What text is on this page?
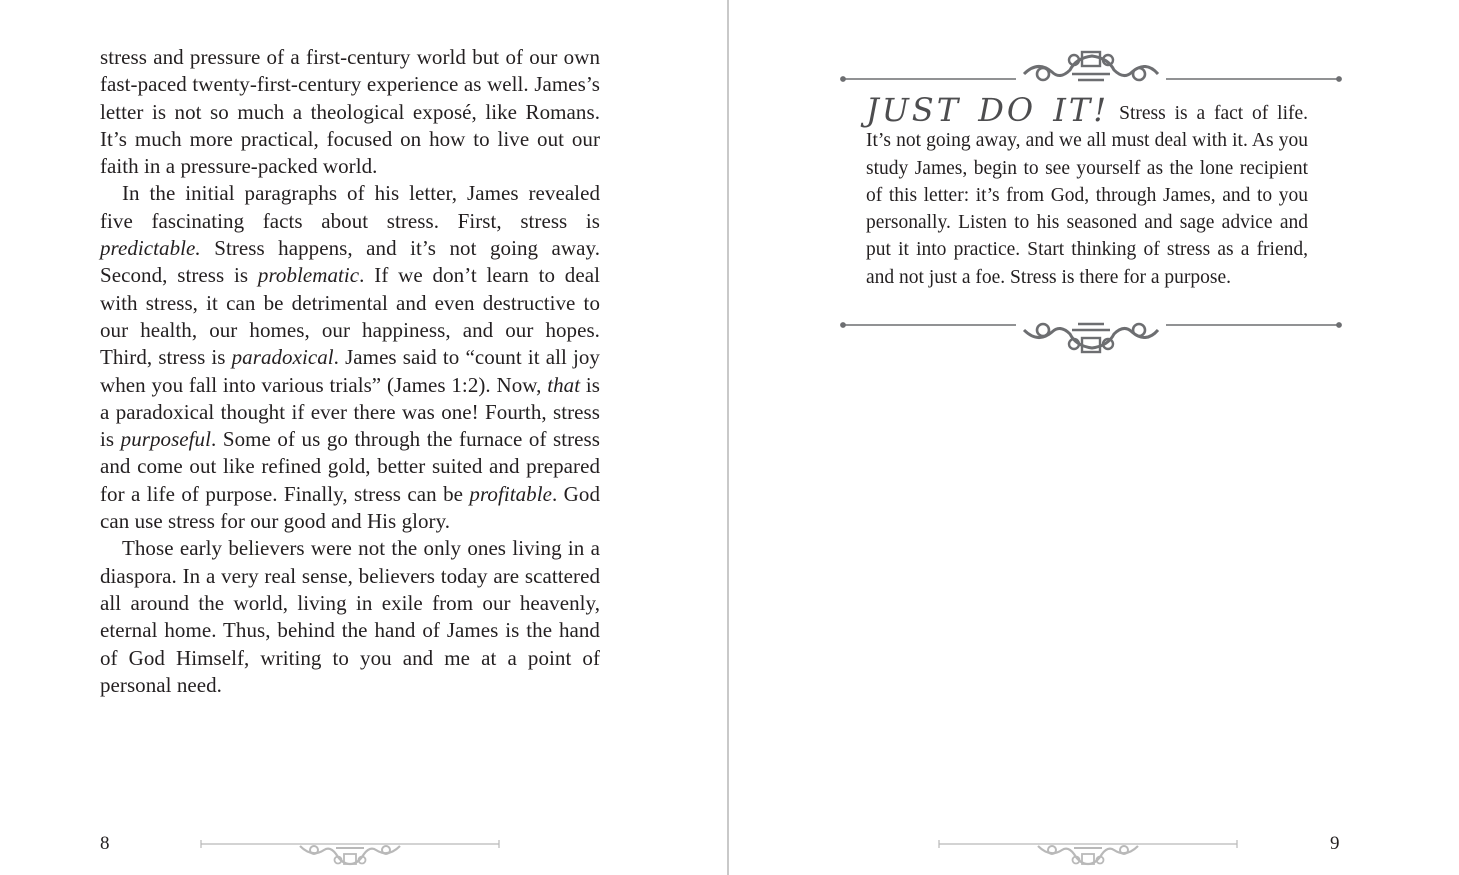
stress and pressure of a first-century world but of our own fast-paced twenty-first-century experience as well. James’s letter is not so much a theological exposé, like Romans. It’s much more practical, focused on how to live out our faith in a pressure-packed world.

In the initial paragraphs of his letter, James revealed five fascinating facts about stress. First, stress is predictable. Stress happens, and it’s not going away. Second, stress is problematic. If we don’t learn to deal with stress, it can be detrimental and even destructive to our health, our homes, our happiness, and our hopes. Third, stress is paradoxical. James said to “count it all joy when you fall into various trials” (James 1:2). Now, that is a paradoxical thought if ever there was one! Fourth, stress is purposeful. Some of us go through the furnace of stress and come out like refined gold, better suited and prepared for a life of purpose. Finally, stress can be profitable. God can use stress for our good and His glory.

Those early believers were not the only ones living in a diaspora. In a very real sense, believers today are scattered all around the world, living in exile from our heavenly, eternal home. Thus, behind the hand of James is the hand of God Himself, writing to you and me at a point of personal need.

JUST DO IT! Stress is a fact of life. It’s not going away, and we all must deal with it. As you study James, begin to see yourself as the lone recipient of this letter: it’s from God, through James, and to you personally. Listen to his seasoned and sage advice and put it into practice. Start thinking of stress as a friend, and not just a foe. Stress is there for a purpose.
8	9
